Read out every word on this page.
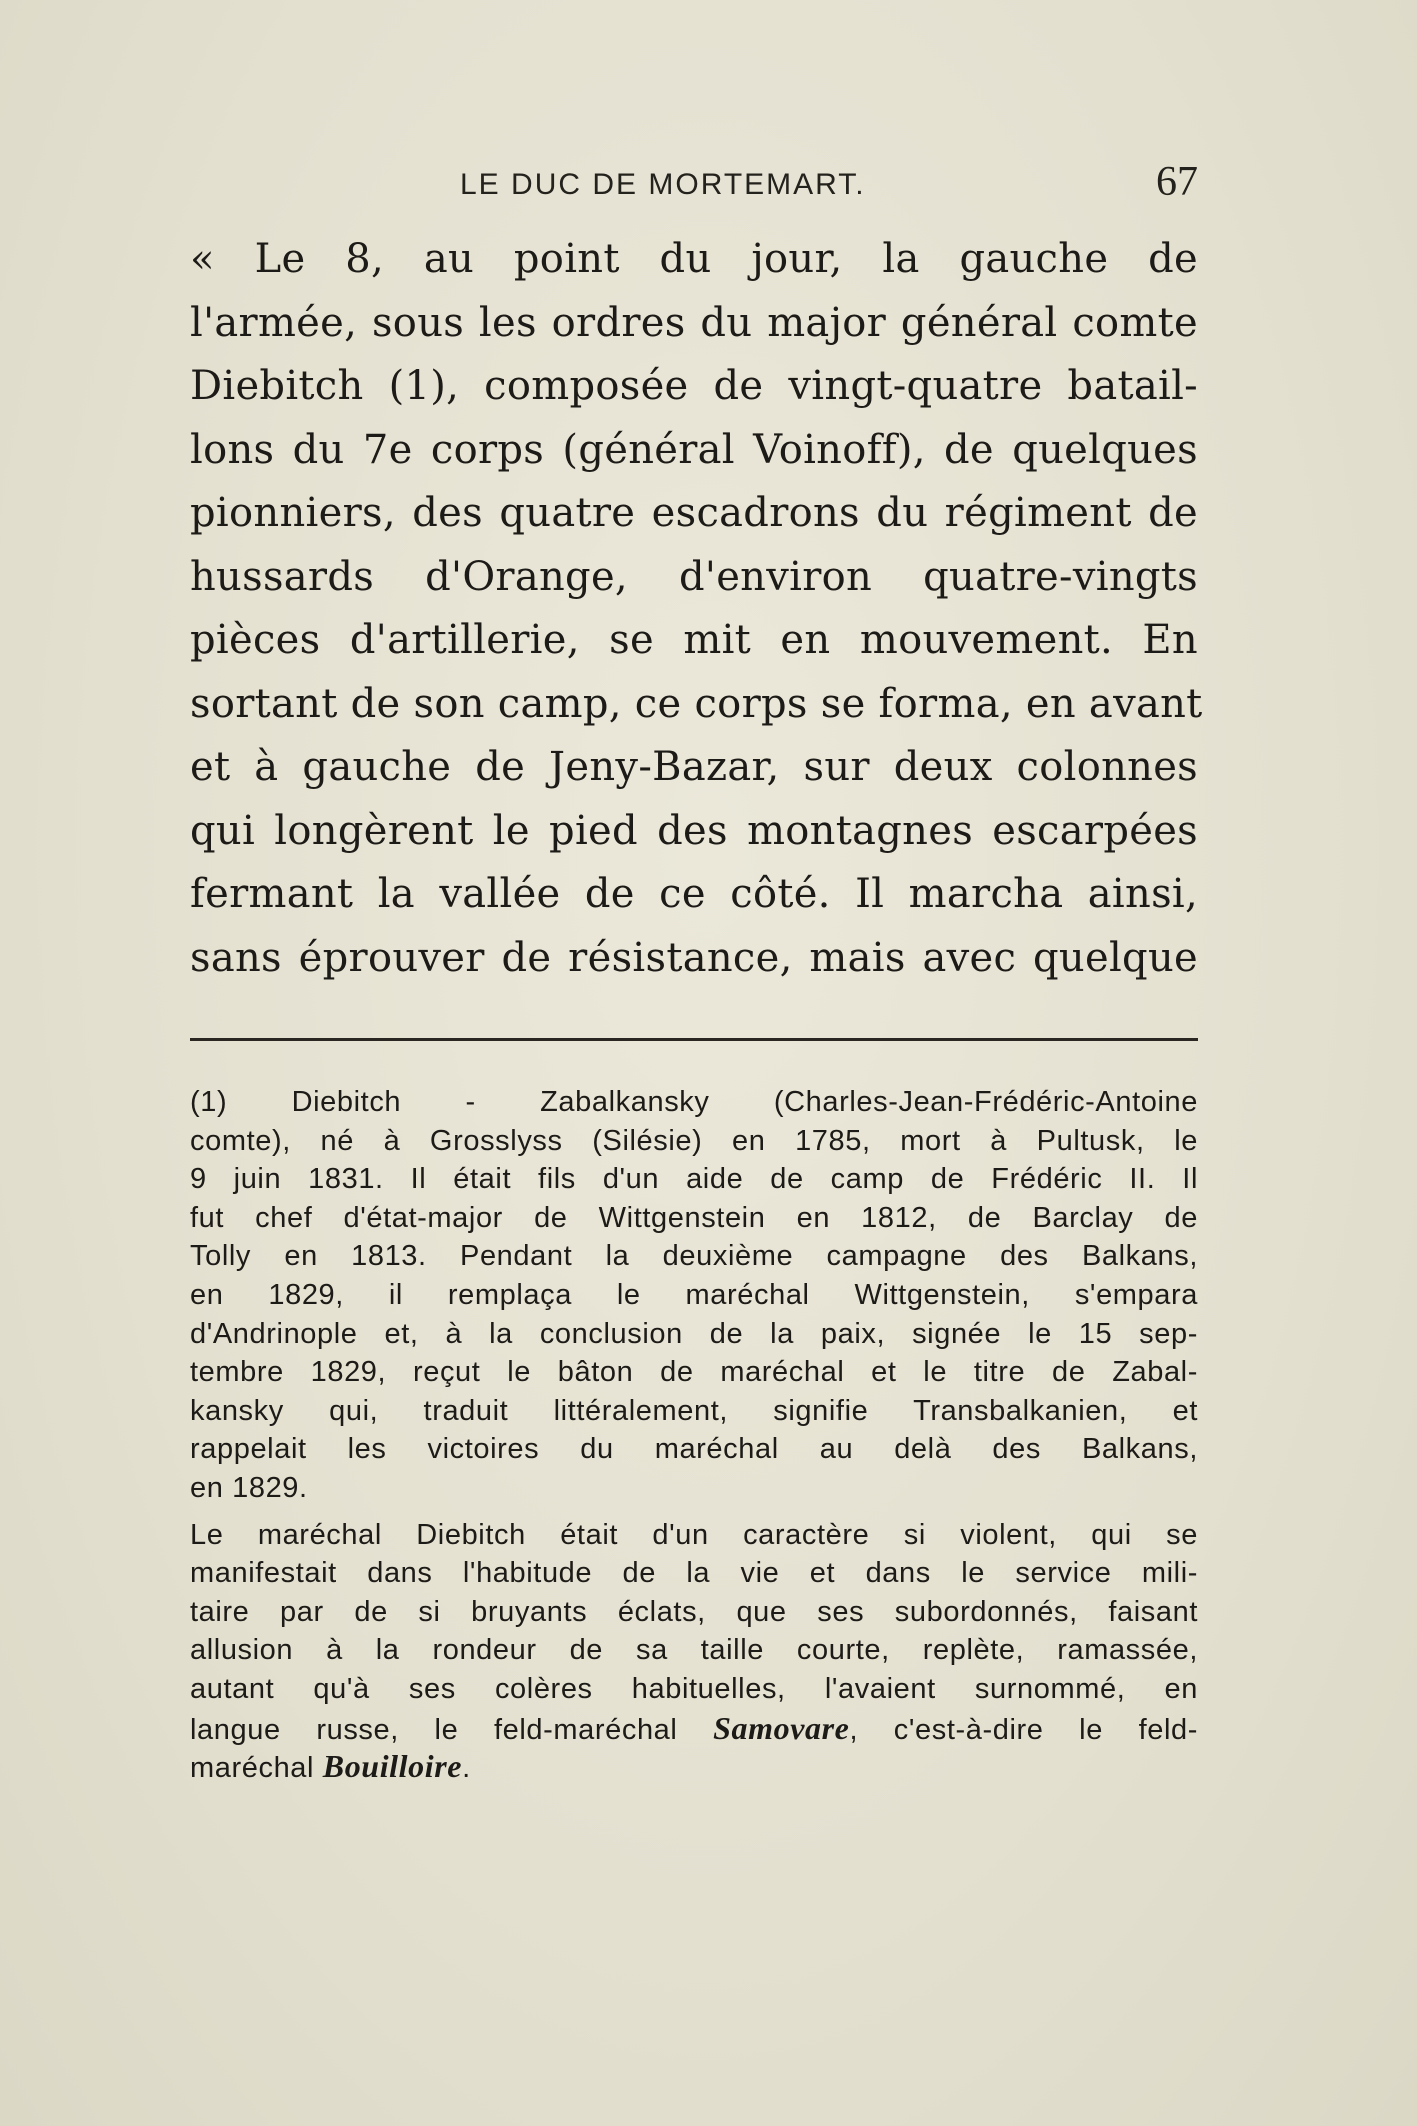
LE DUC DE MORTEMART.	67
« Le 8, au point du jour, la gauche de
l'armée, sous les ordres du major général comte
Diebitch (1), composée de vingt-quatre batail-
lons du 7e corps (général Voinoff), de quelques
pionniers, des quatre escadrons du régiment de
hussards d'Orange, d'environ quatre-vingts
pièces d'artillerie, se mit en mouvement. En
sortant de son camp, ce corps se forma, en avant
et à gauche de Jeny-Bazar, sur deux colonnes
qui longèrent le pied des montagnes escarpées
fermant la vallée de ce côté. Il marcha ainsi,
sans éprouver de résistance, mais avec quelque
(1) Diebitch - Zabalkansky (Charles-Jean-Frédéric-Antoine
comte), né à Grosslyss (Silésie) en 1785, mort à Pultusk, le
9 juin 1831. Il était fils d'un aide de camp de Frédéric II. Il
fut chef d'état-major de Wittgenstein en 1812, de Barclay de
Tolly en 1813. Pendant la deuxième campagne des Balkans,
en 1829, il remplaça le maréchal Wittgenstein, s'empara
d'Andrinople et, à la conclusion de la paix, signée le 15 sep-
tembre 1829, reçut le bâton de maréchal et le titre de Zabal-
kansky qui, traduit littéralement, signifie Transbalkanien, et
rappelait les victoires du maréchal au delà des Balkans,
en 1829.
Le maréchal Diebitch était d'un caractère si violent, qui se
manifestait dans l'habitude de la vie et dans le service mili-
taire par de si bruyants éclats, que ses subordonnés, faisant
allusion à la rondeur de sa taille courte, replète, ramassée,
autant qu'à ses colères habituelles, l'avaient surnommé, en
langue russe, le feld-maréchal Samovare, c'est-à-dire le feld-
maréchal Bouilloire.
